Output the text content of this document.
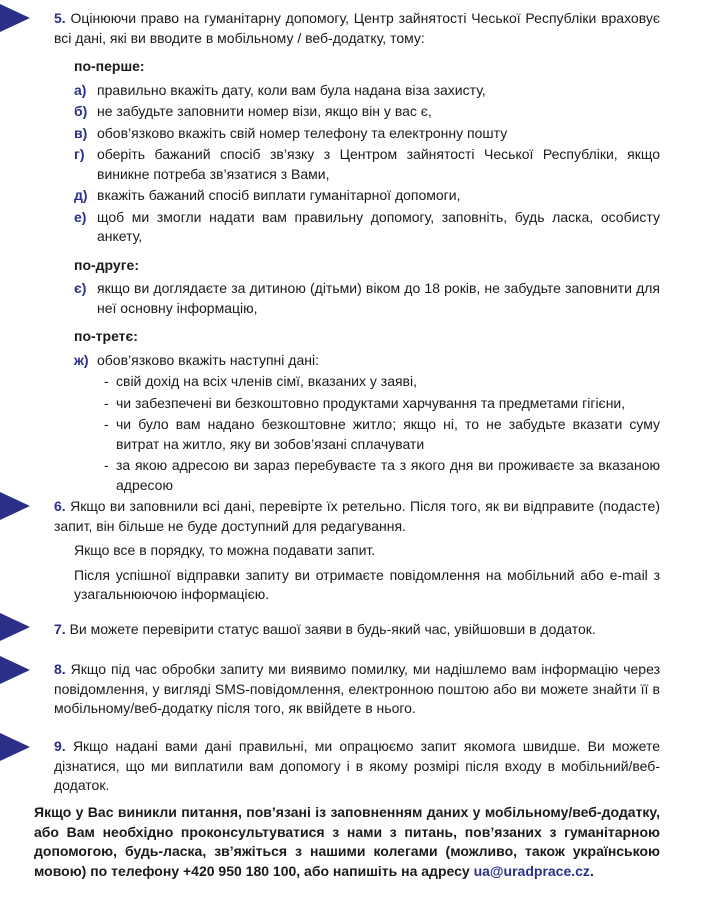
5. Оцінюючи право на гуманітарну допомогу, Центр зайнятості Чеської Республіки враховує всі дані, які ви вводите в мобільному / веб-додатку, тому:

по-перше:

а) правильно вкажіть дату, коли вам була надана віза захисту,
б) не забудьте заповнити номер візи, якщо він у вас є,
в) обов’язково вкажіть свій номер телефону та електронну пошту
г) оберіть бажаний спосіб зв’язку з Центром зайнятості Чеської Республіки, якщо виникне потреба зв’язатися з Вами,
д) вкажіть бажаний спосіб виплати гуманітарної допомоги,
е) щоб ми змогли надати вам правильну допомогу, заповніть, будь ласка, особисту анкету,

по-друге:

є) якщо ви доглядаєте за дитиною (дітьми) віком до 18 років, не забудьте заповнити для неї основну інформацію,

по-третє:

ж) обов’язково вкажіть наступні дані:
- свій дохід на всіх членів сімї, вказаних у заяві,
- чи забезпечені ви безкоштовно продуктами харчування та предметами гігієни,
- чи було вам надано безкоштовне житло; якщо ні, то не забудьте вказати суму витрат на житло, яку ви зобов’язані сплачувати
- за якою адресою ви зараз перебуваєте та з якого дня ви проживаєте за вказаною адресою

6. Якщо ви заповнили всі дані, перевірте їх ретельно. Після того, як ви відправите (подасте) запит, він більше не буде доступний для редагування.

Якщо все в порядку, то можна подавати запит.

Після успішної відправки запиту ви отримаєте повідомлення на мобільний або e-mail з узагальнюючою інформацією.

7. Ви можете перевірити статус вашої заяви в будь-який час, увійшовши в додаток.

8. Якщо під час обробки запиту ми виявимо помилку, ми надішлемо вам інформацію через повідомлення, у вигляді SMS-повідомлення, електронною поштою або ви можете знайти її в мобільному/веб-додатку після того, як ввійдете в нього.

9. Якщо надані вами дані правильні, ми опрацюємо запит якомога швидше. Ви можете дізнатися, що ми виплатили вам допомогу і в якому розмірі після входу в мобільний/веб-додаток.

Якщо у Вас виникли питання, пов’язані із заповненням даних у мобільному/веб-додатку, або Вам необхідно проконсультуватися з нами з питань, пов’язаних з гуманітарною допомогою, будь-ласка, зв’яжіться з нашими колегами (можливо, також українською мовою) по телефону +420 950 180 100, або напишіть на адресу ua@uradprace.cz.
